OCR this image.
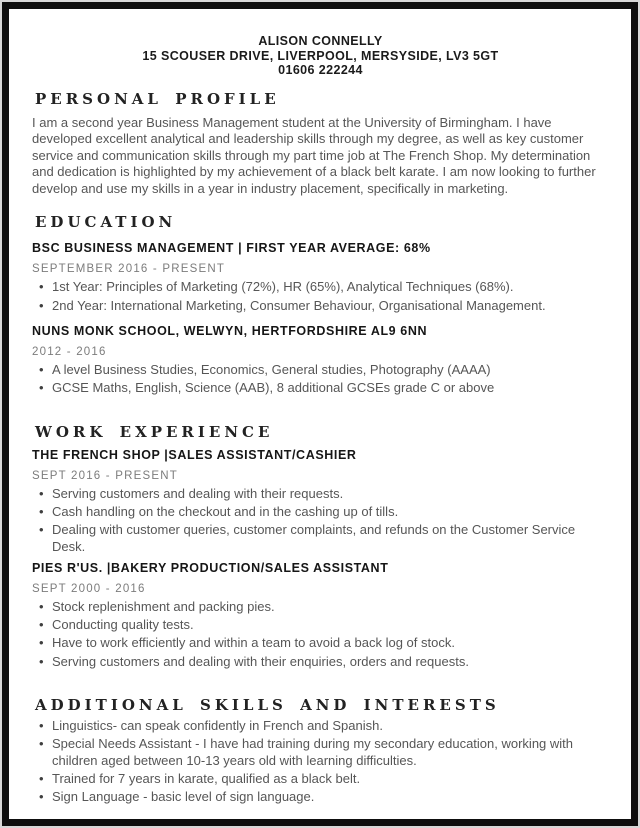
ALISON CONNELLY
15 SCOUSER DRIVE, LIVERPOOL, MERSYSIDE, LV3 5GT
01606 222244
PERSONAL PROFILE

I am a second year Business Management student at the University of Birmingham. I have developed excellent analytical and leadership skills through my degree, as well as key customer service and communication skills through my part time job at The French Shop. My determination and dedication is highlighted by my achievement of a black belt karate. I am now looking to further develop and use my skills in a year in industry placement, specifically in marketing.

EDUCATION
BSC BUSINESS MANAGEMENT | FIRST YEAR AVERAGE: 68%
SEPTEMBER 2016 - PRESENT
• 1st Year: Principles of Marketing (72%), HR (65%), Analytical Techniques (68%).
• 2nd Year: International Marketing, Consumer Behaviour, Organisational Management.
NUNS MONK SCHOOL, WELWYN, HERTFORDSHIRE AL9 6NN
2012 - 2016
• A level Business Studies, Economics, General studies, Photography (AAAA)
• GCSE Maths, English, Science (AAB), 8 additional GCSEs grade C or above
WORK EXPERIENCE
THE FRENCH SHOP |SALES ASSISTANT/CASHIER
SEPT 2016 - PRESENT
• Serving customers and dealing with their requests.
• Cash handling on the checkout and in the cashing up of tills.
• Dealing with customer queries, customer complaints, and refunds on the Customer Service Desk.
PIES R'US. |BAKERY PRODUCTION/SALES ASSISTANT
SEPT 2000 - 2016
• Stock replenishment and packing pies.
• Conducting quality tests.
• Have to work efficiently and within a team to avoid a back log of stock.
• Serving customers and dealing with their enquiries, orders and requests.
ADDITIONAL SKILLS AND INTERESTS
• Linguistics- can speak confidently in French and Spanish.
• Special Needs Assistant - I have had training during my secondary education, working with children aged between 10-13 years old with learning difficulties.
• Trained for 7 years in karate, qualified as a black belt.
• Sign Language - basic level of sign language.
